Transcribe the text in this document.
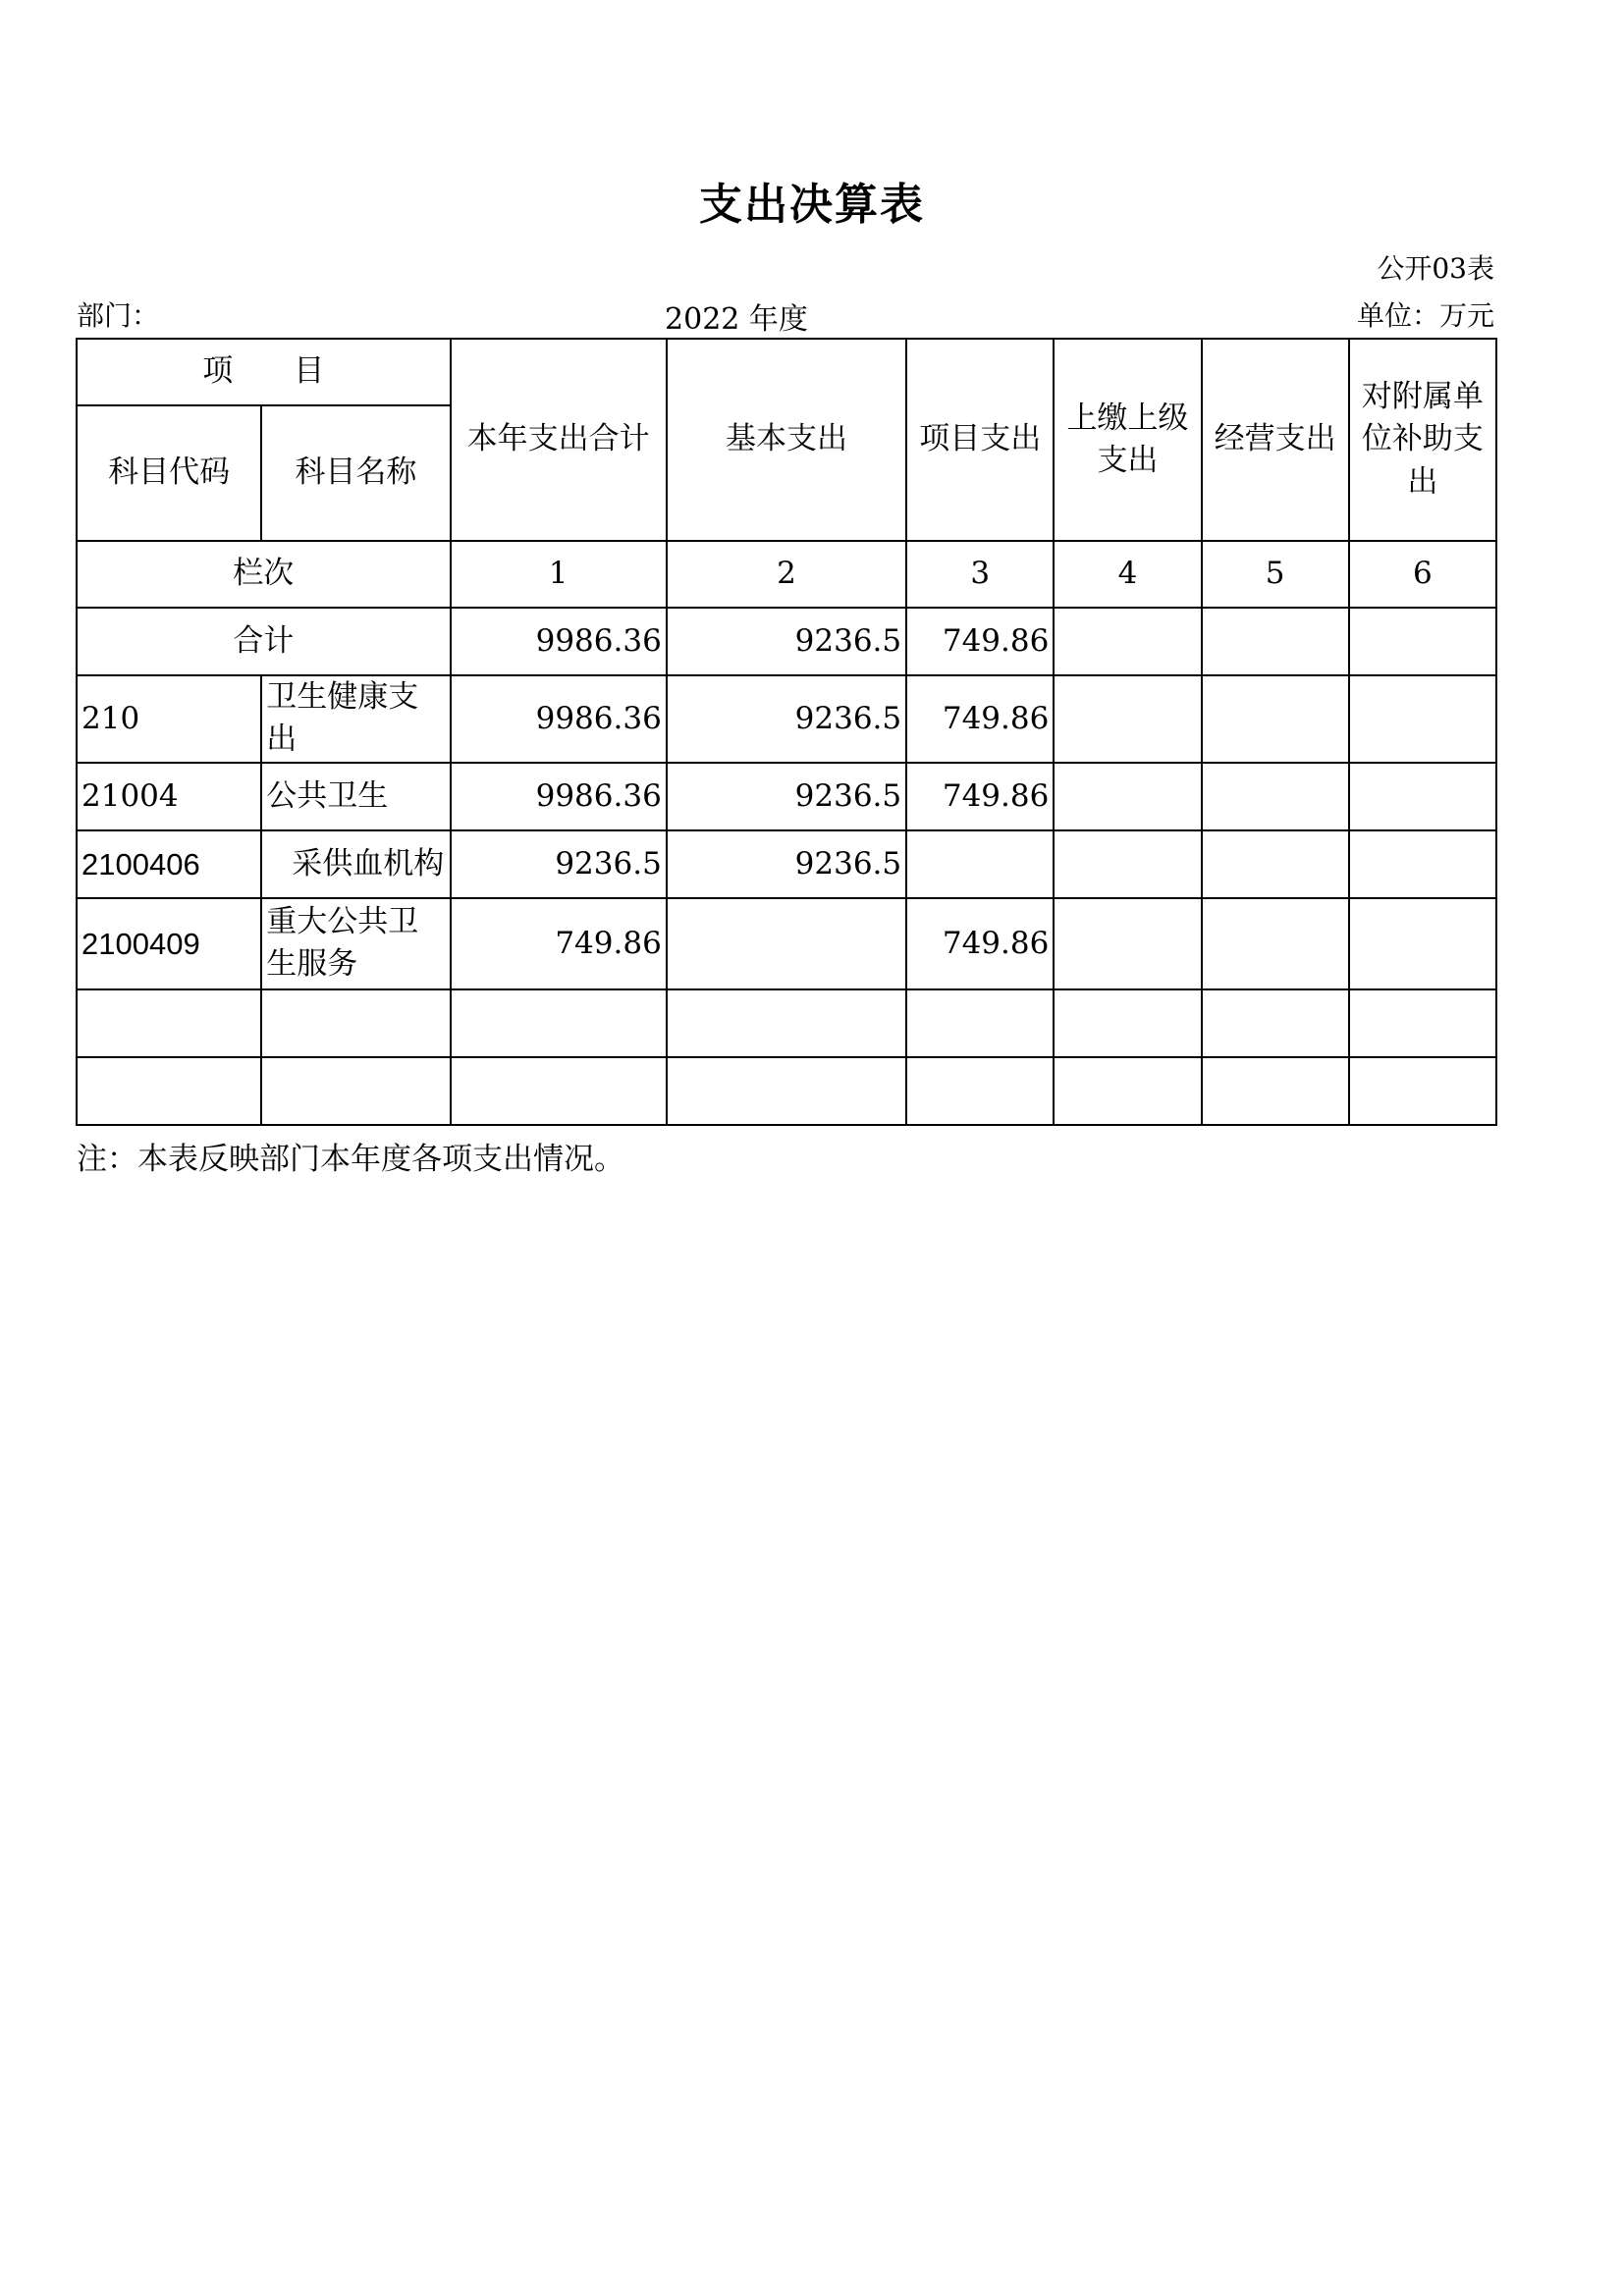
支出决算表
公开03表
部门：	2022 年度	单位：万元
项　　目		本年支出合计	基本支出	项目支出	上缴上级支出	经营支出	对附属单位补助支出
科目代码	科目名称						
栏次		1	2	3	4	5	6
合计		9986.36	9236.5	749.86			
210	卫生健康支出	9986.36	9236.5	749.86			
21004	公共卫生	9986.36	9236.5	749.86			
2100406	采供血机构	9236.5	9236.5				
2100409	重大公共卫生服务	749.86		749.86			

注：本表反映部门本年度各项支出情况。
